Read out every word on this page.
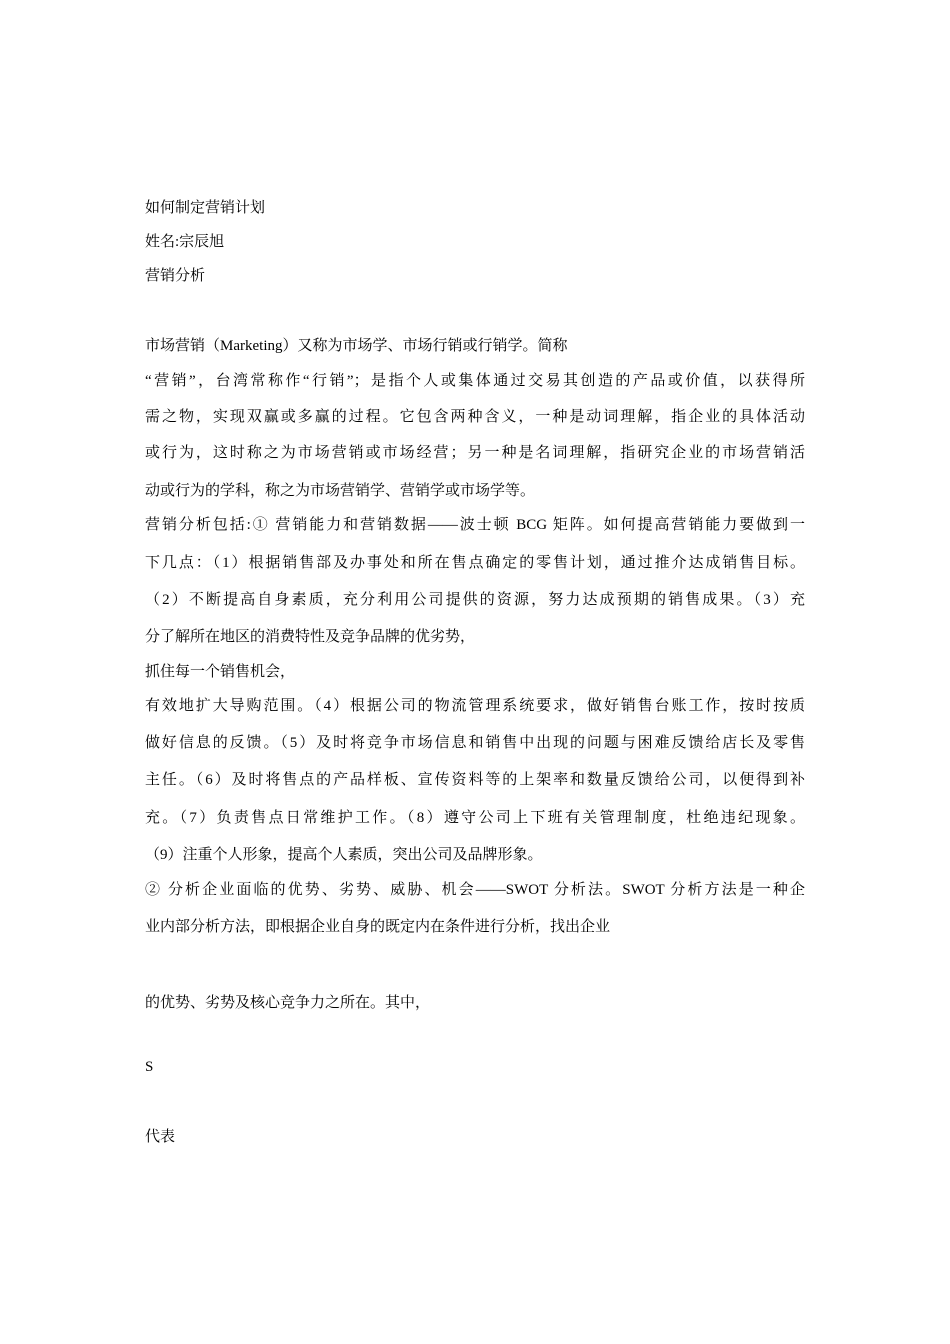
如何制定营销计划

姓名:宗辰旭

营销分析

市场营销（Marketing）又称为市场学、市场行销或行销学。简称

“营销”，台湾常称作“行销”；是指个人或集体通过交易其创造的产品或价值，以获得所

需之物，实现双赢或多赢的过程。它包含两种含义，一种是动词理解，指企业的具体活动

或行为，这时称之为市场营销或市场经营；另一种是名词理解，指研究企业的市场营销活

动或行为的学科，称之为市场营销学、营销学或市场学等。

营销分析包括:① 营销能力和营销数据——波士顿 BCG 矩阵。如何提高营销能力要做到一

下几点：（1）根据销售部及办事处和所在售点确定的零售计划，通过推介达成销售目标。

（2）不断提高自身素质，充分利用公司提供的资源，努力达成预期的销售成果。（3）充

分了解所在地区的消费特性及竞争品牌的优劣势，

抓住每一个销售机会，

有效地扩大导购范围。（4）根据公司的物流管理系统要求，做好销售台账工作，按时按质

做好信息的反馈。（5）及时将竞争市场信息和销售中出现的问题与困难反馈给店长及零售

主任。（6）及时将售点的产品样板、宣传资料等的上架率和数量反馈给公司，以便得到补

充。（7）负责售点日常维护工作。（8）遵守公司上下班有关管理制度，杜绝违纪现象。

（9）注重个人形象，提高个人素质，突出公司及品牌形象。

② 分析企业面临的优势、劣势、威胁、机会——SWOT 分析法。SWOT 分析方法是一种企

业内部分析方法，即根据企业自身的既定内在条件进行分析，找出企业

的优势、劣势及核心竞争力之所在。其中，

S

代表
